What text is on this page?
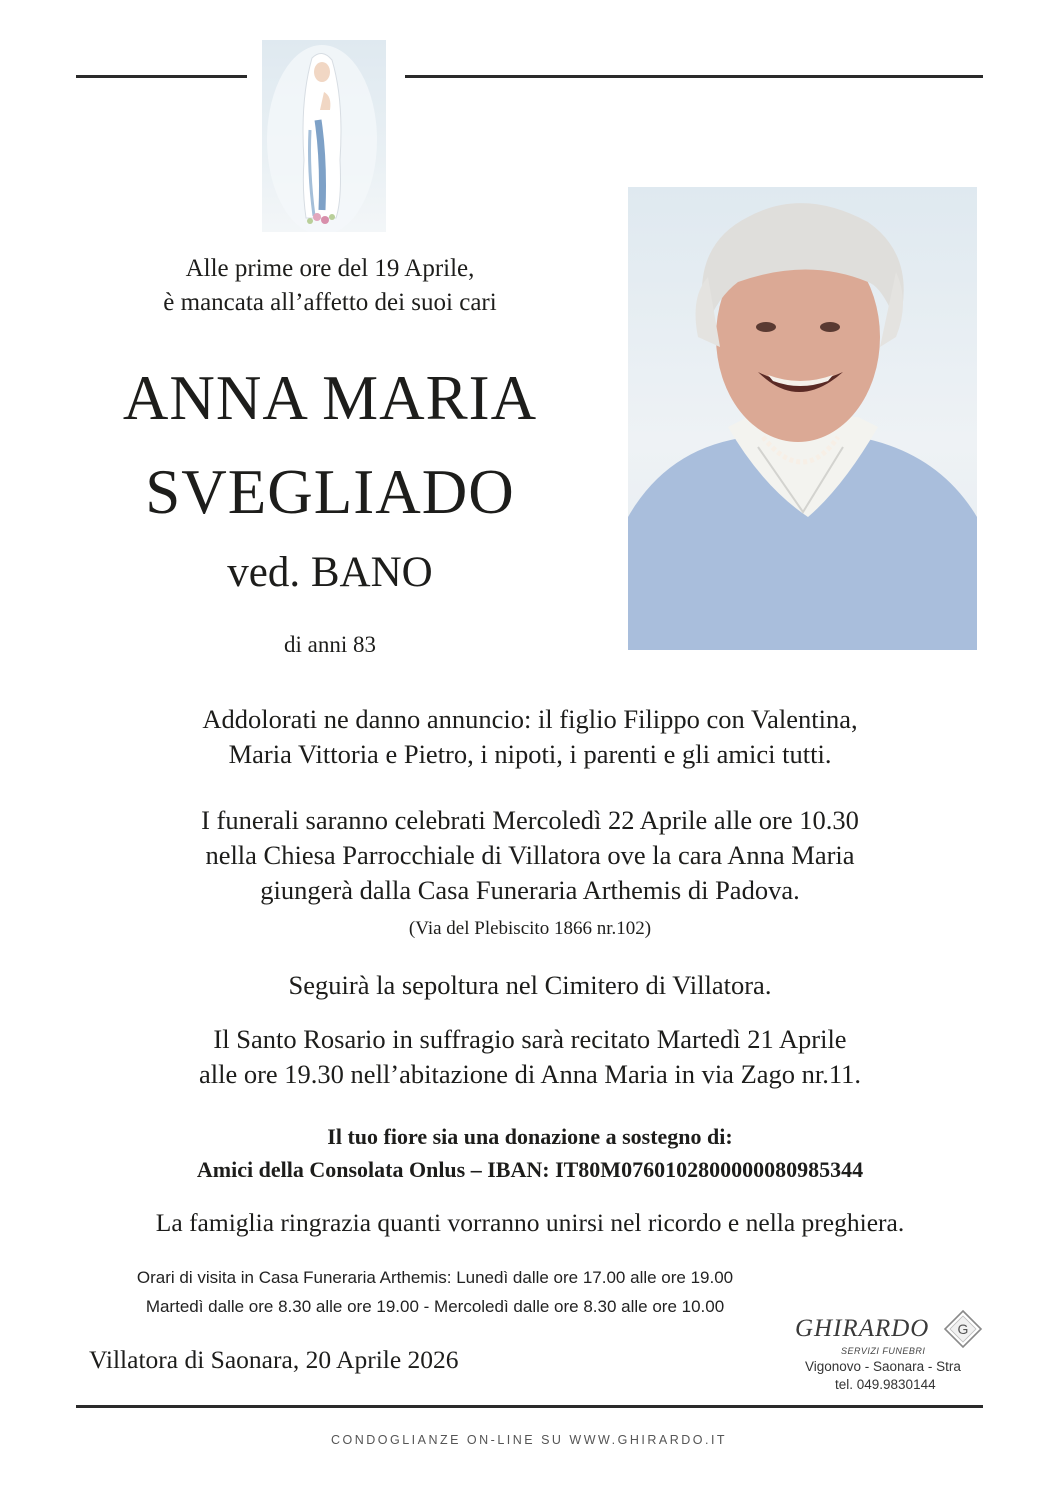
Alle prime ore del 19 Aprile,
è mancata all’affetto dei suoi cari
ANNA MARIA
SVEGLIADO
ved. BANO
di anni 83
Addolorati ne danno annuncio: il figlio Filippo con Valentina,
Maria Vittoria e Pietro, i nipoti, i parenti e gli amici tutti.
I funerali saranno celebrati Mercoledì 22 Aprile alle ore 10.30
nella Chiesa Parrocchiale di Villatora ove la cara Anna Maria
giungerà dalla Casa Funeraria Arthemis di Padova.
(Via del Plebiscito 1866 nr.102)
Seguirà la sepoltura nel Cimitero di Villatora.
Il Santo Rosario in suffragio sarà recitato Martedì 21 Aprile
alle ore 19.30 nell’abitazione di Anna Maria in via Zago nr.11.
Il tuo fiore sia una donazione a sostegno di:
Amici della Consolata Onlus – IBAN: IT80M0760102800000080985344
La famiglia ringrazia quanti vorranno unirsi nel ricordo e nella preghiera.
Orari di visita in Casa Funeraria Arthemis: Lunedì dalle ore 17.00 alle ore 19.00
Martedì dalle ore 8.30 alle ore 19.00 - Mercoledì dalle ore 8.30 alle ore 10.00
Villatora di Saonara, 20 Aprile 2026
GHIRARDO
SERVIZI FUNEBRI
G
Vigonovo - Saonara - Stra
tel. 049.9830144
CONDOGLIANZE ON-LINE SU WWW.GHIRARDO.IT
